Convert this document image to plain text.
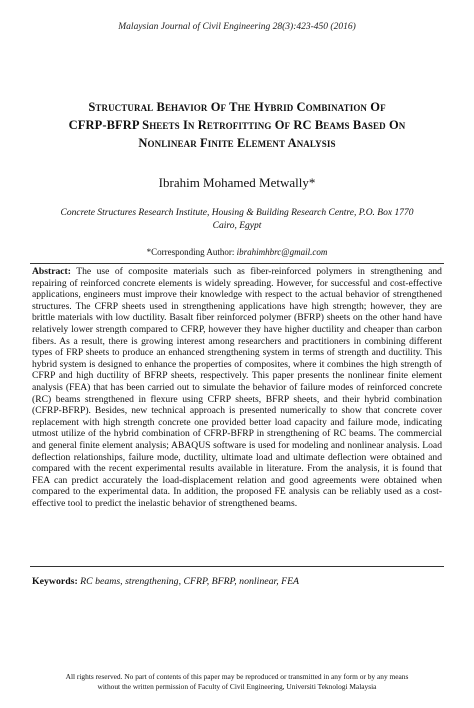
Malaysian Journal of Civil Engineering 28(3):423-450 (2016)
Structural Behavior Of The Hybrid Combination Of
CFRP-BFRP Sheets In Retrofitting Of RC Beams Based On
Nonlinear Finite Element Analysis
Ibrahim Mohamed Metwally*
Concrete Structures Research Institute, Housing & Building Research Centre, P.O. Box 1770
Cairo, Egypt
*Corresponding Author: ibrahimhbrc@gmail.com
Abstract: The use of composite materials such as fiber-reinforced polymers in strengthening and repairing of reinforced concrete elements is widely spreading. However, for successful and cost-effective applications, engineers must improve their knowledge with respect to the actual behavior of strengthened structures. The CFRP sheets used in strengthening applications have high strength; however, they are brittle materials with low ductility. Basalt fiber reinforced polymer (BFRP) sheets on the other hand have relatively lower strength compared to CFRP, however they have higher ductility and cheaper than carbon fibers. As a result, there is growing interest among researchers and practitioners in combining different types of FRP sheets to produce an enhanced strengthening system in terms of strength and ductility. This hybrid system is designed to enhance the properties of composites, where it combines the high strength of CFRP and high ductility of BFRP sheets, respectively. This paper presents the nonlinear finite element analysis (FEA) that has been carried out to simulate the behavior of failure modes of reinforced concrete (RC) beams strengthened in flexure using CFRP sheets, BFRP sheets, and their hybrid combination (CFRP-BFRP). Besides, new technical approach is presented numerically to show that concrete cover replacement with high strength concrete one provided better load capacity and failure mode, indicating utmost utilize of the hybrid combination of CFRP-BFRP in strengthening of RC beams. The commercial and general finite element analysis; ABAQUS software is used for modeling and nonlinear analysis. Load deflection relationships, failure mode, ductility, ultimate load and ultimate deflection were obtained and compared with the recent experimental results available in literature. From the analysis, it is found that FEA can predict accurately the load-displacement relation and good agreements were obtained when compared to the experimental data. In addition, the proposed FE analysis can be reliably used as a cost-effective tool to predict the inelastic behavior of strengthened beams.
Keywords: RC beams, strengthening, CFRP, BFRP, nonlinear, FEA
All rights reserved. No part of contents of this paper may be reproduced or transmitted in any form or by any means
without the written permission of Faculty of Civil Engineering, Universiti Teknologi Malaysia
